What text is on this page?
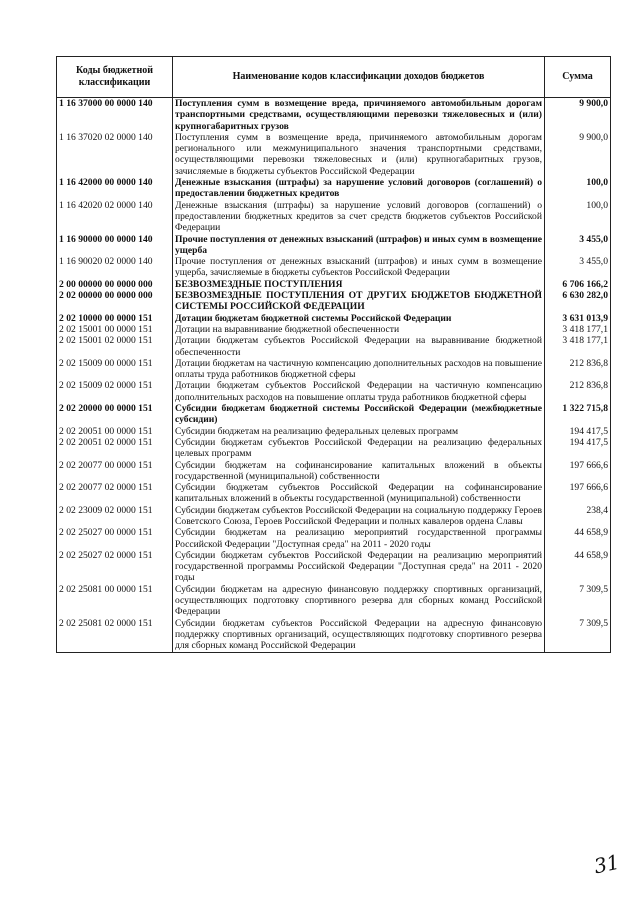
Коды бюджетной классификации	Наименование кодов классификации доходов бюджетов	Сумма
1 16 37000 00 0000 140	Поступления сумм в возмещение вреда, причиняемого автомобильным дорогам транспортными средствами, осуществляющими перевозки тяжеловесных и (или) крупногабаритных грузов	9 900,0
1 16 37020 02 0000 140	Поступления сумм в возмещение вреда, причиняемого автомобильным дорогам регионального или межмуниципального значения транспортными средствами, осуществляющими перевозки тяжеловесных и (или) крупногабаритных грузов, зачисляемые в бюджеты субъектов Российской Федерации	9 900,0
1 16 42000 00 0000 140	Денежные взыскания (штрафы) за нарушение условий договоров (соглашений) о предоставлении бюджетных кредитов	100,0
1 16 42020 02 0000 140	Денежные взыскания (штрафы) за нарушение условий договоров (соглашений) о предоставлении бюджетных кредитов за счет средств бюджетов субъектов Российской Федерации	100,0
1 16 90000 00 0000 140	Прочие поступления от денежных взысканий (штрафов) и иных сумм в возмещение ущерба	3 455,0
1 16 90020 02 0000 140	Прочие поступления от денежных взысканий (штрафов) и иных сумм в возмещение ущерба, зачисляемые в бюджеты субъектов Российской Федерации	3 455,0
2 00 00000 00 0000 000	БЕЗВОЗМЕЗДНЫЕ ПОСТУПЛЕНИЯ	6 706 166,2
2 02 00000 00 0000 000	БЕЗВОЗМЕЗДНЫЕ ПОСТУПЛЕНИЯ ОТ ДРУГИХ БЮДЖЕТОВ БЮДЖЕТНОЙ СИСТЕМЫ РОССИЙСКОЙ ФЕДЕРАЦИИ	6 630 282,0
2 02 10000 00 0000 151	Дотации бюджетам бюджетной системы Российской Федерации	3 631 013,9
2 02 15001 00 0000 151	Дотации на выравнивание бюджетной обеспеченности	3 418 177,1
2 02 15001 02 0000 151	Дотации бюджетам субъектов Российской Федерации на выравнивание бюджетной обеспеченности	3 418 177,1
2 02 15009 00 0000 151	Дотации бюджетам на частичную компенсацию дополнительных расходов на повышение оплаты труда работников бюджетной сферы	212 836,8
2 02 15009 02 0000 151	Дотации бюджетам субъектов Российской Федерации на частичную компенсацию дополнительных расходов на повышение оплаты труда работников бюджетной сферы	212 836,8
2 02 20000 00 0000 151	Субсидии бюджетам бюджетной системы Российской Федерации (межбюджетные субсидии)	1 322 715,8
2 02 20051 00 0000 151	Субсидии бюджетам на реализацию федеральных целевых программ	194 417,5
2 02 20051 02 0000 151	Субсидии бюджетам субъектов Российской Федерации на реализацию федеральных целевых программ	194 417,5
2 02 20077 00 0000 151	Субсидии бюджетам на софинансирование капитальных вложений в объекты государственной (муниципальной) собственности	197 666,6
2 02 20077 02 0000 151	Субсидии бюджетам субъектов Российской Федерации на софинансирование капитальных вложений в объекты государственной (муниципальной) собственности	197 666,6
2 02 23009 02 0000 151	Субсидии бюджетам субъектов Российской Федерации на социальную поддержку Героев Советского Союза, Героев Российской Федерации и полных кавалеров ордена Славы	238,4
2 02 25027 00 0000 151	Субсидии бюджетам на реализацию мероприятий государственной программы Российской Федерации "Доступная среда" на 2011 - 2020 годы	44 658,9
2 02 25027 02 0000 151	Субсидии бюджетам субъектов Российской Федерации на реализацию мероприятий государственной программы Российской Федерации "Доступная среда" на 2011 - 2020 годы	44 658,9
2 02 25081 00 0000 151	Субсидии бюджетам на адресную финансовую поддержку спортивных организаций, осуществляющих подготовку спортивного резерва для сборных команд Российской Федерации	7 309,5
2 02 25081 02 0000 151	Субсидии бюджетам субъектов Российской Федерации на адресную финансовую поддержку спортивных организаций, осуществляющих подготовку спортивного резерва для сборных команд Российской Федерации	7 309,5
31
